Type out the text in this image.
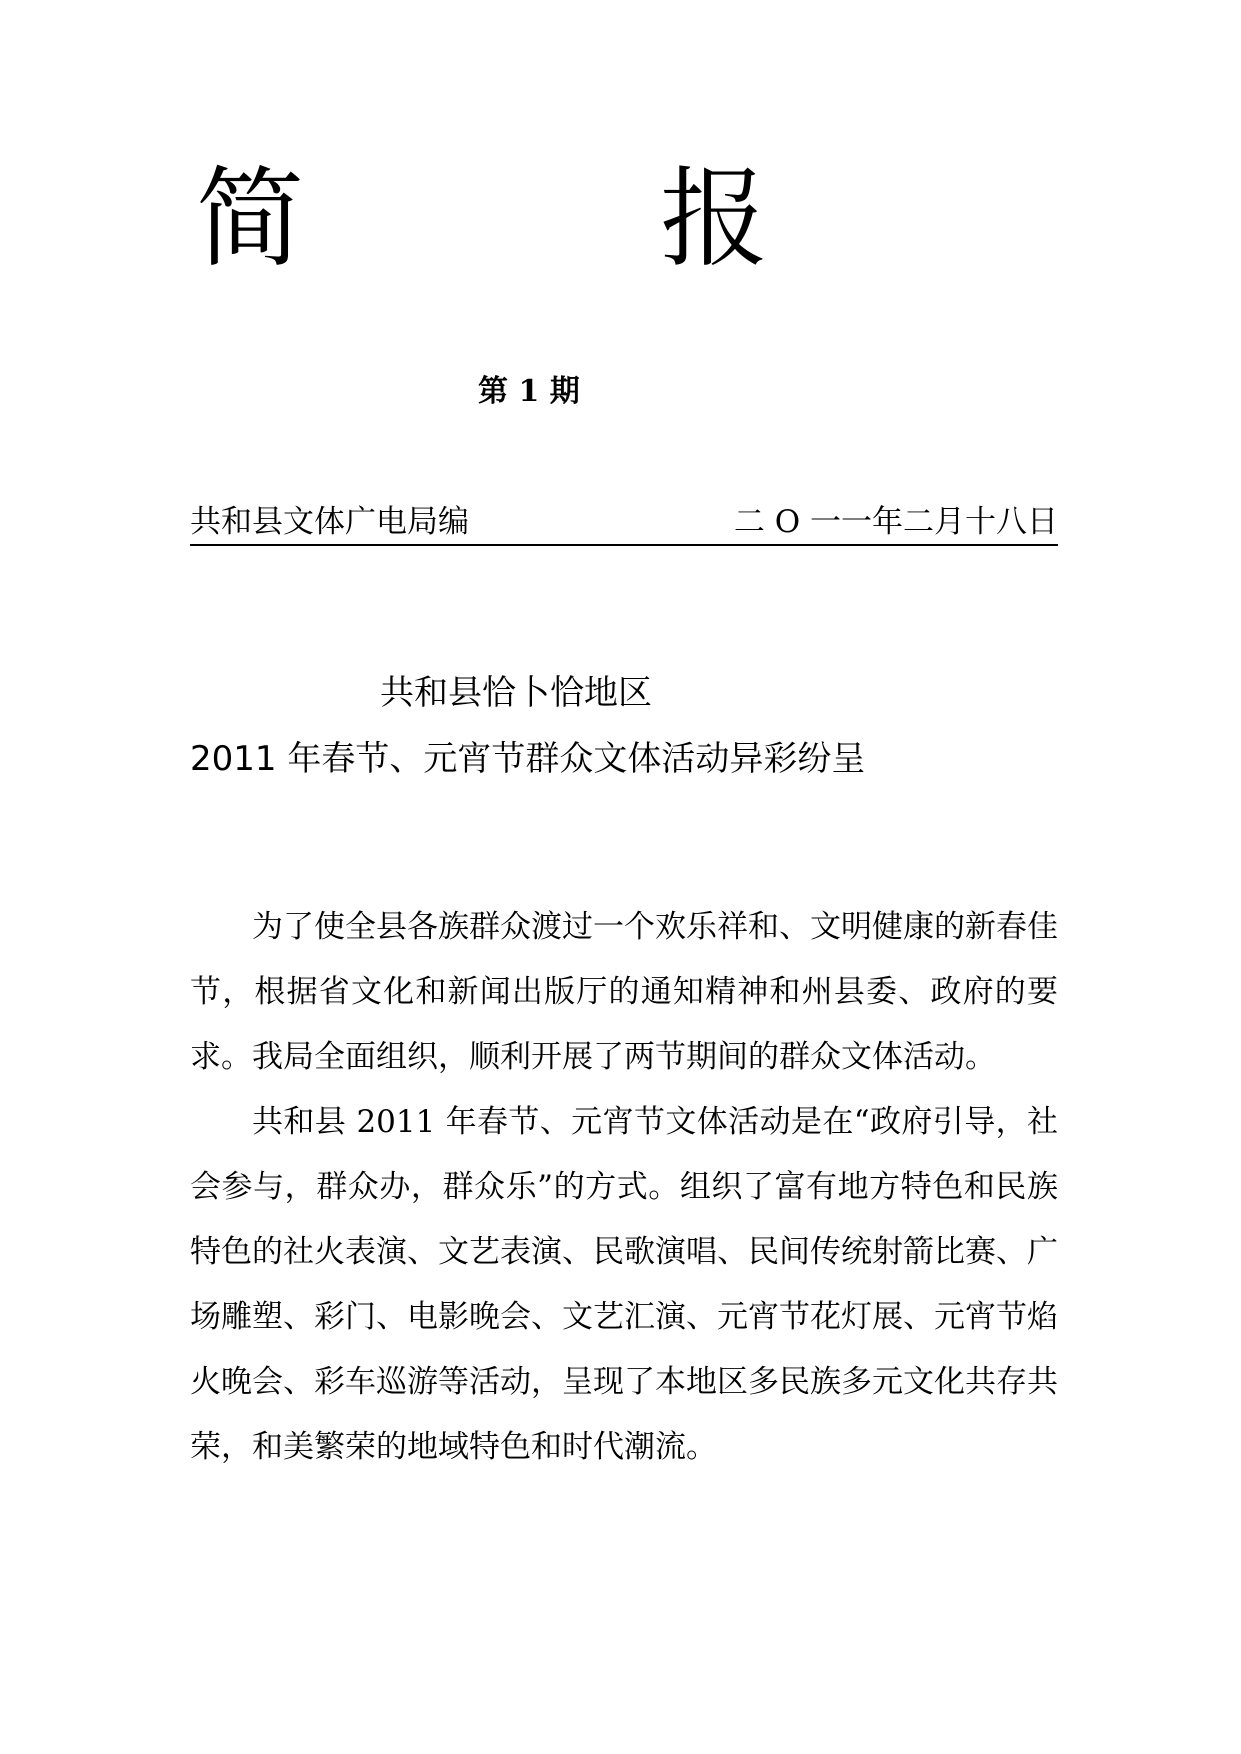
简	报
第 1 期
共和县文体广电局编	二 O 一一年二月十八日
共和县恰卜恰地区
2011 年春节、元宵节群众文体活动异彩纷呈

为了使全县各族群众渡过一个欢乐祥和、文明健康的新春佳节，根据省文化和新闻出版厅的通知精神和州县委、政府的要求。我局全面组织，顺利开展了两节期间的群众文体活动。

共和县 2011 年春节、元宵节文体活动是在“政府引导，社会参与，群众办，群众乐”的方式。组织了富有地方特色和民族特色的社火表演、文艺表演、民歌演唱、民间传统射箭比赛、广场雕塑、彩门、电影晚会、文艺汇演、元宵节花灯展、元宵节焰火晚会、彩车巡游等活动，呈现了本地区多民族多元文化共存共荣，和美繁荣的地域特色和时代潮流。
